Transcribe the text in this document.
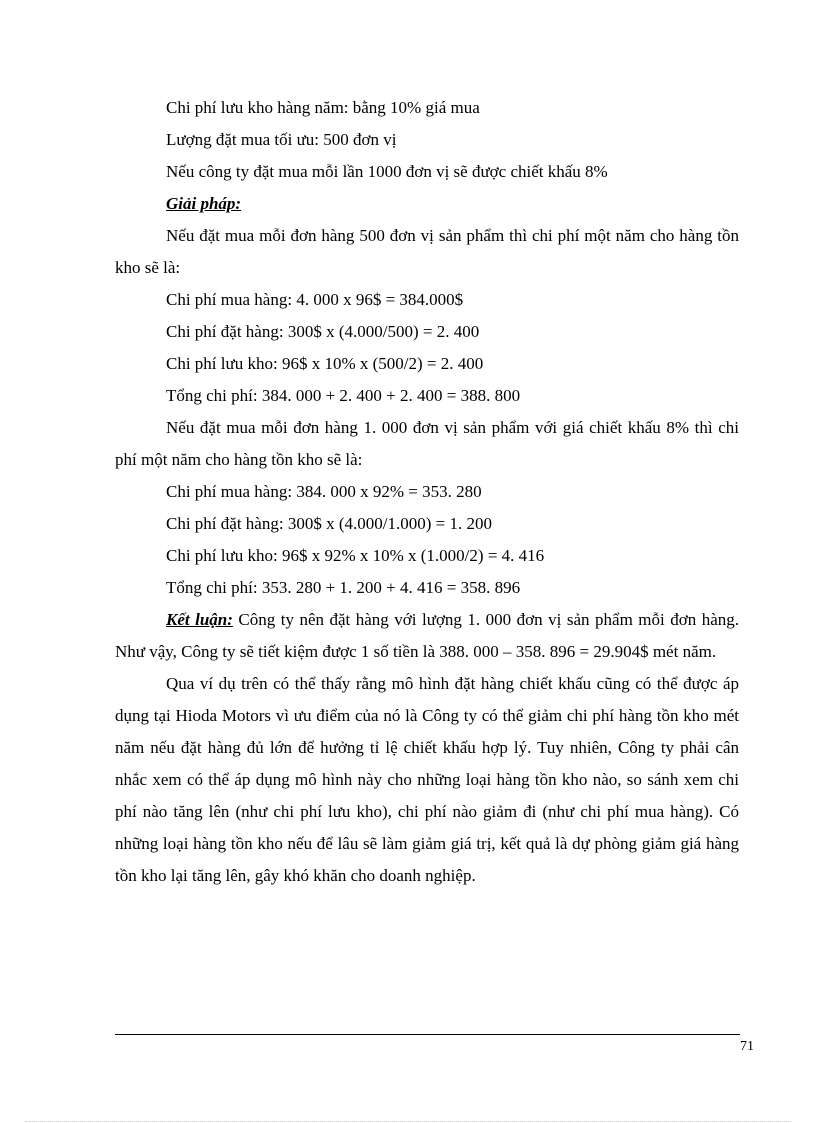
Chi phí lưu kho hàng năm: bằng 10% giá mua
Lượng đặt mua tối ưu: 500 đơn vị
Nếu công ty đặt mua mỗi lần 1000 đơn vị sẽ được chiết khấu 8%
Giải pháp:

Nếu đặt mua mỗi đơn hàng 500 đơn vị sản phẩm thì chi phí một năm cho hàng tồn kho sẽ là:

Chi phí mua hàng: 4. 000 x 96$ = 384.000$
Chi phí đặt hàng: 300$ x (4.000/500) = 2. 400
Chi phí lưu kho: 96$ x 10% x (500/2) = 2. 400
Tổng chi phí: 384. 000 + 2. 400 + 2. 400 = 388. 800

Nếu đặt mua mỗi đơn hàng 1. 000 đơn vị sản phẩm với giá chiết khấu 8% thì chi phí một năm cho hàng tồn kho sẽ là:

Chi phí mua hàng: 384. 000 x 92% = 353. 280
Chi phí đặt hàng: 300$ x (4.000/1.000) = 1. 200
Chi phí lưu kho: 96$ x 92% x 10% x (1.000/2) = 4. 416
Tổng chi phí: 353. 280 + 1. 200 + 4. 416 = 358. 896

Kết luận: Công ty nên đặt hàng với lượng 1. 000 đơn vị sản phẩm mỗi đơn hàng. Như vậy, Công ty sẽ tiết kiệm được 1 số tiền là 388. 000 – 358. 896 = 29.904$ mét năm.

Qua ví dụ trên có thể thấy rằng mô hình đặt hàng chiết khấu cũng có thể được áp dụng tại Hioda Motors vì ưu điểm của nó là Công ty có thể giảm chi phí hàng tồn kho mét năm nếu đặt hàng đủ lớn để hưởng tỉ lệ chiết khấu hợp lý. Tuy nhiên, Công ty phải cân nhắc xem có thể áp dụng mô hình này cho những loại hàng tồn kho nào, so sánh xem chi phí nào tăng lên (như chi phí lưu kho), chi phí nào giảm đi (như chi phí mua hàng). Có những loại hàng tồn kho nếu để lâu sẽ làm giảm giá trị, kết quả là dự phòng giảm giá hàng tồn kho lại tăng lên, gây khó khăn cho doanh nghiệp.

71
